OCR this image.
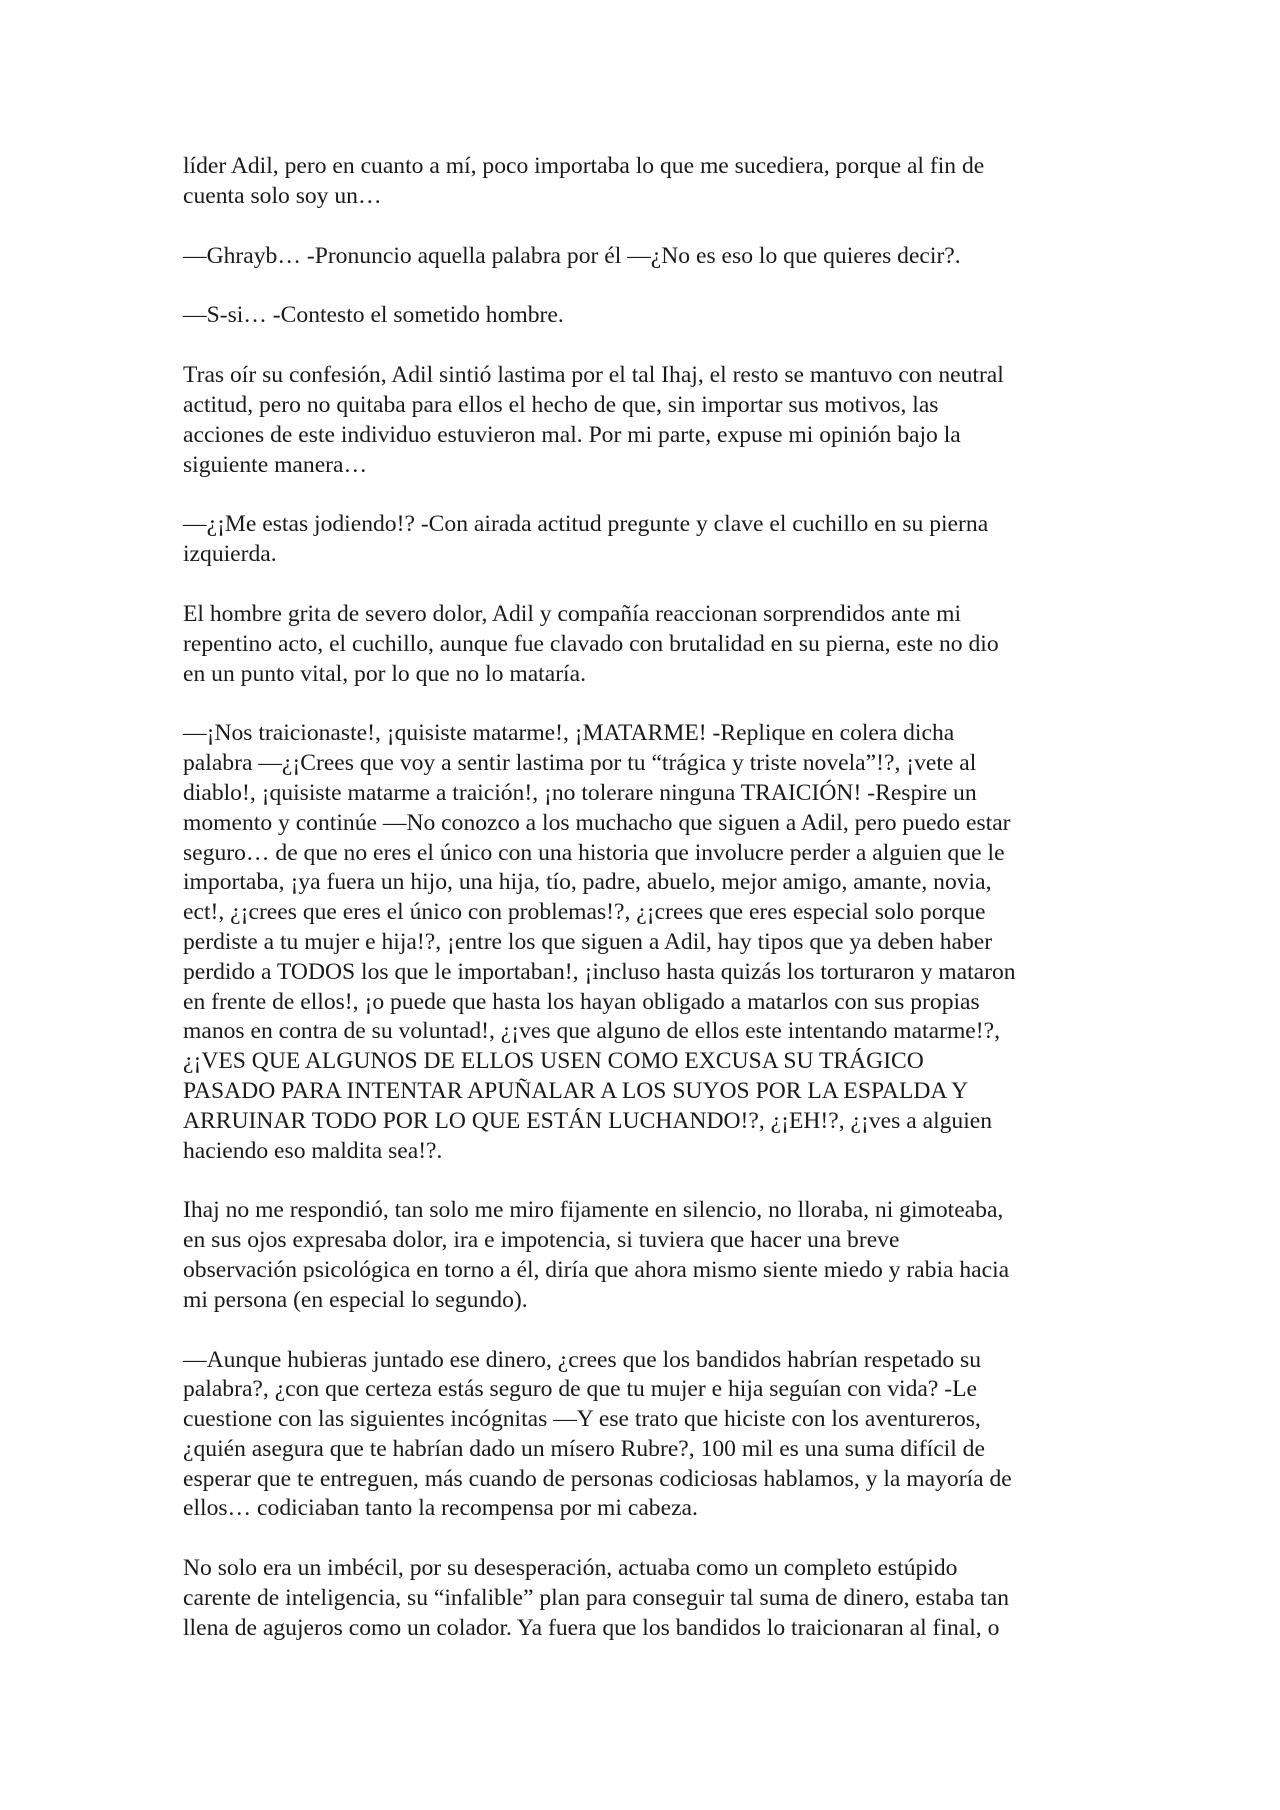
líder Adil, pero en cuanto a mí, poco importaba lo que me sucediera, porque al fin de
cuenta solo soy un…

—Ghrayb… -Pronuncio aquella palabra por él —¿No es eso lo que quieres decir?.

—S-si… -Contesto el sometido hombre.

Tras oír su confesión, Adil sintió lastima por el tal Ihaj, el resto se mantuvo con neutral
actitud, pero no quitaba para ellos el hecho de que, sin importar sus motivos, las
acciones de este individuo estuvieron mal. Por mi parte, expuse mi opinión bajo la
siguiente manera…

—¿¡Me estas jodiendo!? -Con airada actitud pregunte y clave el cuchillo en su pierna
izquierda.

El hombre grita de severo dolor, Adil y compañía reaccionan sorprendidos ante mi
repentino acto, el cuchillo, aunque fue clavado con brutalidad en su pierna, este no dio
en un punto vital, por lo que no lo mataría.

—¡Nos traicionaste!, ¡quisiste matarme!, ¡MATARME! -Replique en colera dicha
palabra —¿¡Crees que voy a sentir lastima por tu “trágica y triste novela”!?, ¡vete al
diablo!, ¡quisiste matarme a traición!, ¡no tolerare ninguna TRAICIÓN! -Respire un
momento y continúe —No conozco a los muchacho que siguen a Adil, pero puedo estar
seguro… de que no eres el único con una historia que involucre perder a alguien que le
importaba, ¡ya fuera un hijo, una hija, tío, padre, abuelo, mejor amigo, amante, novia,
ect!, ¿¡crees que eres el único con problemas!?, ¿¡crees que eres especial solo porque
perdiste a tu mujer e hija!?, ¡entre los que siguen a Adil, hay tipos que ya deben haber
perdido a TODOS los que le importaban!, ¡incluso hasta quizás los torturaron y mataron
en frente de ellos!, ¡o puede que hasta los hayan obligado a matarlos con sus propias
manos en contra de su voluntad!, ¿¡ves que alguno de ellos este intentando matarme!?,
¿¡VES QUE ALGUNOS DE ELLOS USEN COMO EXCUSA SU TRÁGICO
PASADO PARA INTENTAR APUÑALAR A LOS SUYOS POR LA ESPALDA Y
ARRUINAR TODO POR LO QUE ESTÁN LUCHANDO!?, ¿¡EH!?, ¿¡ves a alguien
haciendo eso maldita sea!?.

Ihaj no me respondió, tan solo me miro fijamente en silencio, no lloraba, ni gimoteaba,
en sus ojos expresaba dolor, ira e impotencia, si tuviera que hacer una breve
observación psicológica en torno a él, diría que ahora mismo siente miedo y rabia hacia
mi persona (en especial lo segundo).

—Aunque hubieras juntado ese dinero, ¿crees que los bandidos habrían respetado su
palabra?, ¿con que certeza estás seguro de que tu mujer e hija seguían con vida? -Le
cuestione con las siguientes incógnitas —Y ese trato que hiciste con los aventureros,
¿quién asegura que te habrían dado un mísero Rubre?, 100 mil es una suma difícil de
esperar que te entreguen, más cuando de personas codiciosas hablamos, y la mayoría de
ellos… codiciaban tanto la recompensa por mi cabeza.

No solo era un imbécil, por su desesperación, actuaba como un completo estúpido
carente de inteligencia, su “infalible” plan para conseguir tal suma de dinero, estaba tan
llena de agujeros como un colador. Ya fuera que los bandidos lo traicionaran al final, o
